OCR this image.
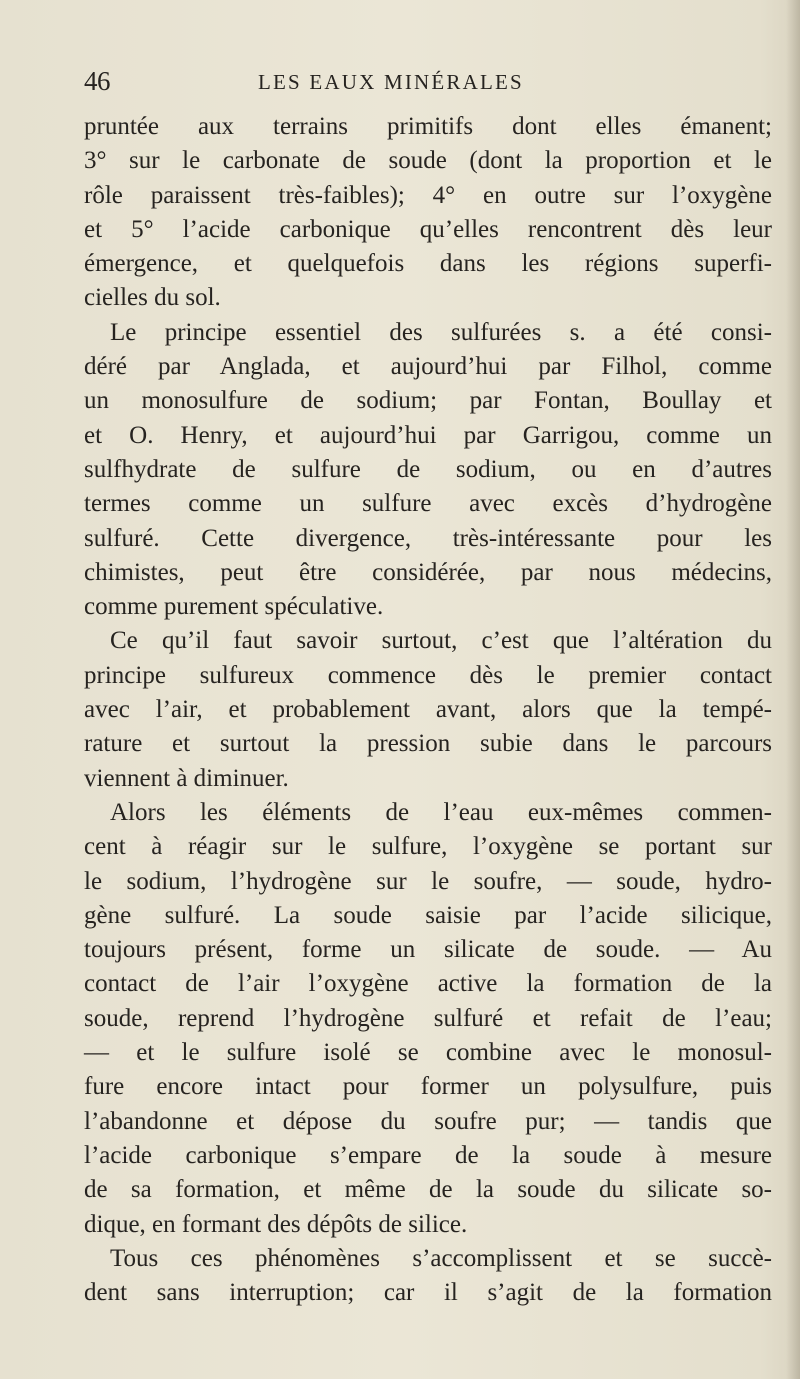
46	LES EAUX MINÉRALES
pruntée aux terrains primitifs dont elles émanent;
3° sur le carbonate de soude (dont la proportion et le
rôle paraissent très-faibles); 4° en outre sur l’oxygène
et 5° l’acide carbonique qu’elles rencontrent dès leur
émergence, et quelquefois dans les régions superfi-
cielles du sol.
Le principe essentiel des sulfurées s. a été consi-
déré par Anglada, et aujourd’hui par Filhol, comme
un monosulfure de sodium; par Fontan, Boullay et
et O. Henry, et aujourd’hui par Garrigou, comme un
sulfhydrate de sulfure de sodium, ou en d’autres
termes comme un sulfure avec excès d’hydrogène
sulfuré. Cette divergence, très-intéressante pour les
chimistes, peut être considérée, par nous médecins,
comme purement spéculative.
Ce qu’il faut savoir surtout, c’est que l’altération du
principe sulfureux commence dès le premier contact
avec l’air, et probablement avant, alors que la tempé-
rature et surtout la pression subie dans le parcours
viennent à diminuer.
Alors les éléments de l’eau eux-mêmes commen-
cent à réagir sur le sulfure, l’oxygène se portant sur
le sodium, l’hydrogène sur le soufre, — soude, hydro-
gène sulfuré. La soude saisie par l’acide silicique,
toujours présent, forme un silicate de soude. — Au
contact de l’air l’oxygène active la formation de la
soude, reprend l’hydrogène sulfuré et refait de l’eau;
— et le sulfure isolé se combine avec le monosul-
fure encore intact pour former un polysulfure, puis
l’abandonne et dépose du soufre pur; — tandis que
l’acide carbonique s’empare de la soude à mesure
de sa formation, et même de la soude du silicate so-
dique, en formant des dépôts de silice.
Tous ces phénomènes s’accomplissent et se succè-
dent sans interruption; car il s’agit de la formation
